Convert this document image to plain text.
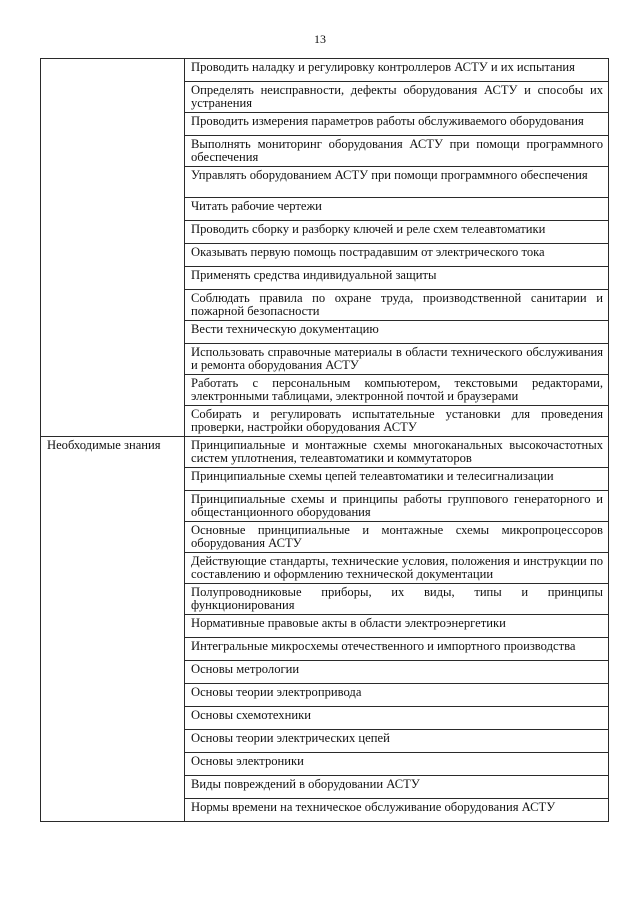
13
	Проводить наладку и регулировку контроллеров АСТУ и их испытания
	Определять неисправности, дефекты оборудования АСТУ и способы их устранения
	Проводить измерения параметров работы обслуживаемого оборудования
	Выполнять мониторинг оборудования АСТУ при помощи программного обеспечения
	Управлять оборудованием АСТУ при помощи программного обеспечения
	Читать рабочие чертежи
	Проводить сборку и разборку ключей и реле схем телеавтоматики
	Оказывать первую помощь пострадавшим от электрического тока
	Применять средства индивидуальной защиты
	Соблюдать правила по охране труда, производственной санитарии и пожарной безопасности
	Вести техническую документацию
	Использовать справочные материалы в области технического обслуживания и ремонта оборудования АСТУ
	Работать с персональным компьютером, текстовыми редакторами, электронными таблицами, электронной почтой и браузерами
	Собирать и регулировать испытательные установки для проведения проверки, настройки оборудования АСТУ

Необходимые знания	Принципиальные и монтажные схемы многоканальных высокочастотных систем уплотнения, телеавтоматики и коммутаторов
	Принципиальные схемы цепей телеавтоматики и телесигнализации
	Принципиальные схемы и принципы работы группового генераторного и общестанционного оборудования
	Основные принципиальные и монтажные схемы микропроцессоров оборудования АСТУ
	Действующие стандарты, технические условия, положения и инструкции по составлению и оформлению технической документации
	Полупроводниковые приборы, их виды, типы и принципы функционирования
	Нормативные правовые акты в области электроэнергетики
	Интегральные микросхемы отечественного и импортного производства
	Основы метрологии
	Основы теории электропривода
	Основы схемотехники
	Основы теории электрических цепей
	Основы электроники
	Виды повреждений в оборудовании АСТУ
	Нормы времени на техническое обслуживание оборудования АСТУ
